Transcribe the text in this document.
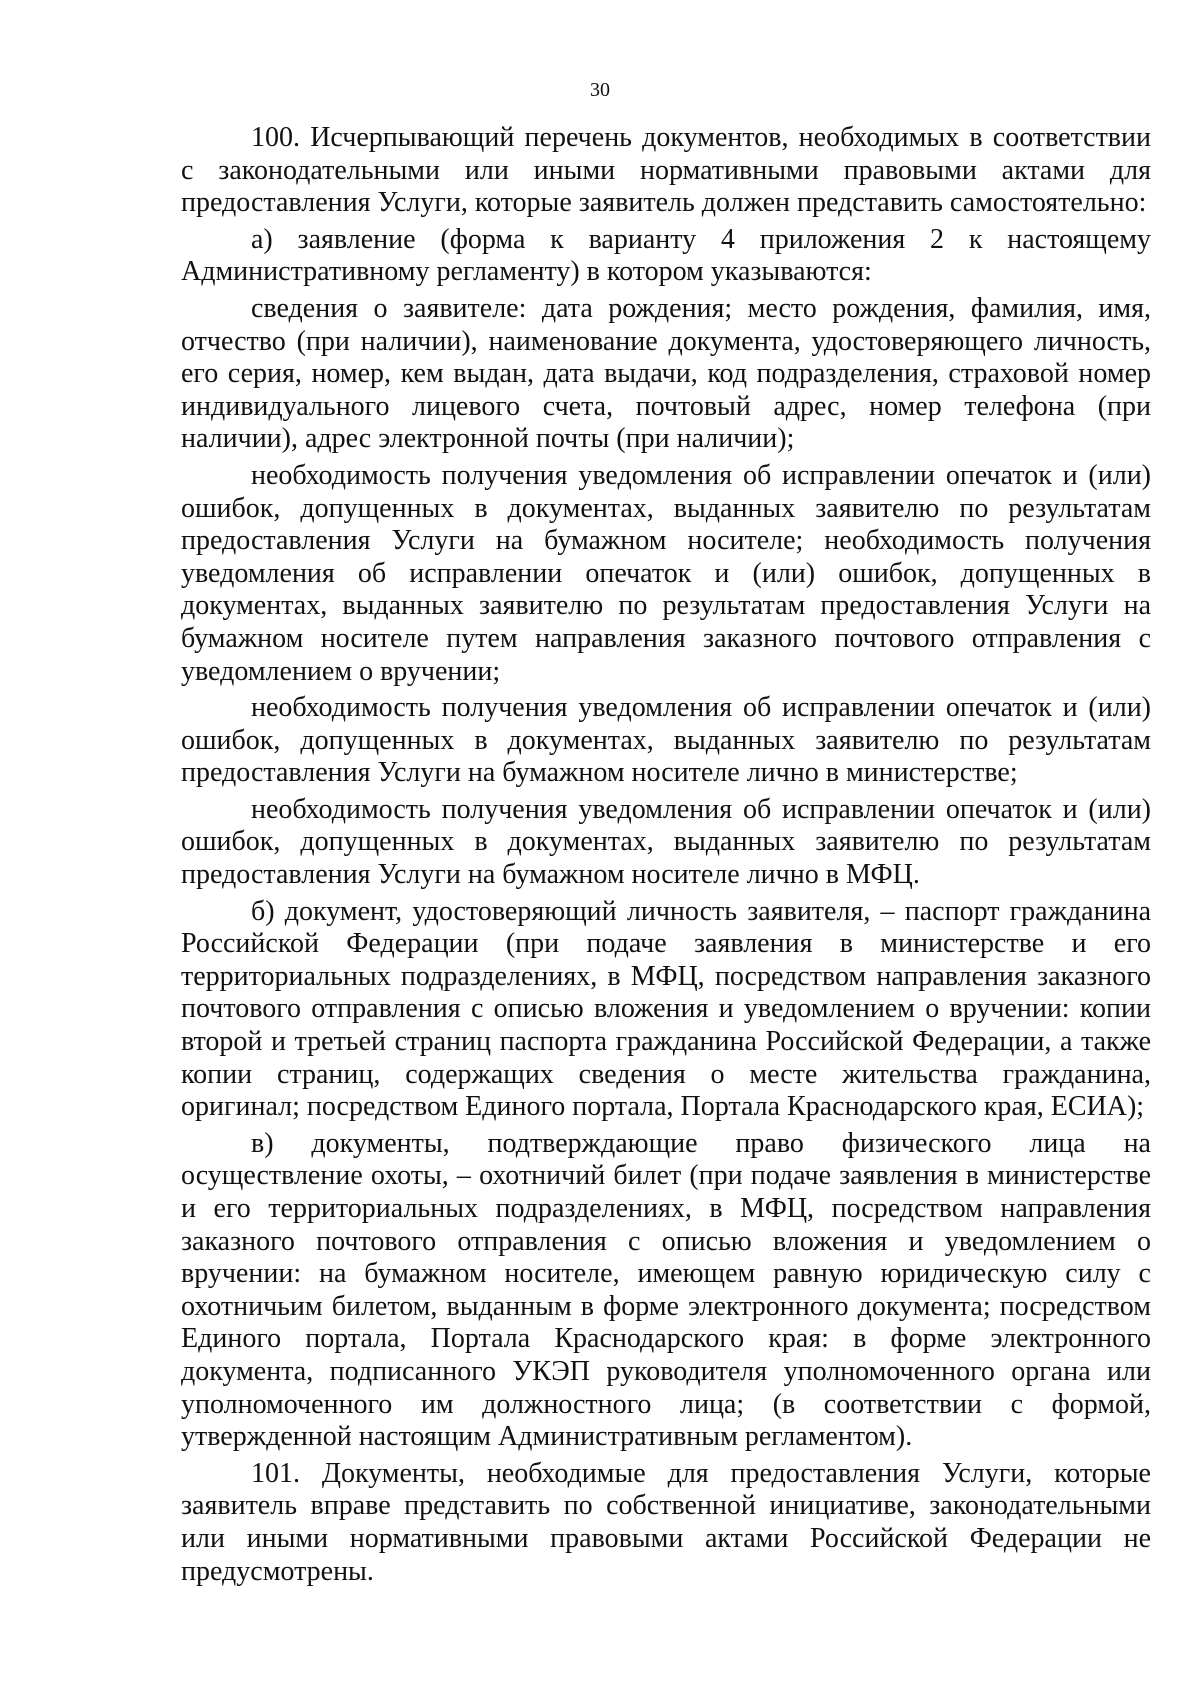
30

100. Исчерпывающий перечень документов, необходимых в соответствии с законодательными или иными нормативными правовыми актами для предоставления Услуги, которые заявитель должен представить самостоятельно:

а) заявление (форма к варианту 4 приложения 2 к настоящему Административному регламенту) в котором указываются:

сведения о заявителе: дата рождения; место рождения, фамилия, имя, отчество (при наличии), наименование документа, удостоверяющего личность, его серия, номер, кем выдан, дата выдачи, код подразделения, страховой номер индивидуального лицевого счета, почтовый адрес, номер телефона (при наличии), адрес электронной почты (при наличии);

необходимость получения уведомления об исправлении опечаток и (или) ошибок, допущенных в документах, выданных заявителю по результатам предоставления Услуги на бумажном носителе; необходимость получения уведомления об исправлении опечаток и (или) ошибок, допущенных в документах, выданных заявителю по результатам предоставления Услуги на бумажном носителе путем направления заказного почтового отправления с уведомлением о вручении;

необходимость получения уведомления об исправлении опечаток и (или) ошибок, допущенных в документах, выданных заявителю по результатам предоставления Услуги на бумажном носителе лично в министерстве;

необходимость получения уведомления об исправлении опечаток и (или) ошибок, допущенных в документах, выданных заявителю по результатам предоставления Услуги на бумажном носителе лично в МФЦ.

б) документ, удостоверяющий личность заявителя, – паспорт гражданина Российской Федерации (при подаче заявления в министерстве и его территориальных подразделениях, в МФЦ, посредством направления заказного почтового отправления с описью вложения и уведомлением о вручении: копии второй и третьей страниц паспорта гражданина Российской Федерации, а также копии страниц, содержащих сведения о месте жительства гражданина, оригинал; посредством Единого портала, Портала Краснодарского края, ЕСИА);

в) документы, подтверждающие право физического лица на осуществление охоты, – охотничий билет (при подаче заявления в министерстве и его территориальных подразделениях, в МФЦ, посредством направления заказного почтового отправления с описью вложения и уведомлением о вручении: на бумажном носителе, имеющем равную юридическую силу с охотничьим билетом, выданным в форме электронного документа; посредством Единого портала, Портала Краснодарского края: в форме электронного документа, подписанного УКЭП руководителя уполномоченного органа или уполномоченного им должностного лица; (в соответствии с формой, утвержденной настоящим Административным регламентом).

101. Документы, необходимые для предоставления Услуги, которые заявитель вправе представить по собственной инициативе, законодательными или иными нормативными правовыми актами Российской Федерации не предусмотрены.
